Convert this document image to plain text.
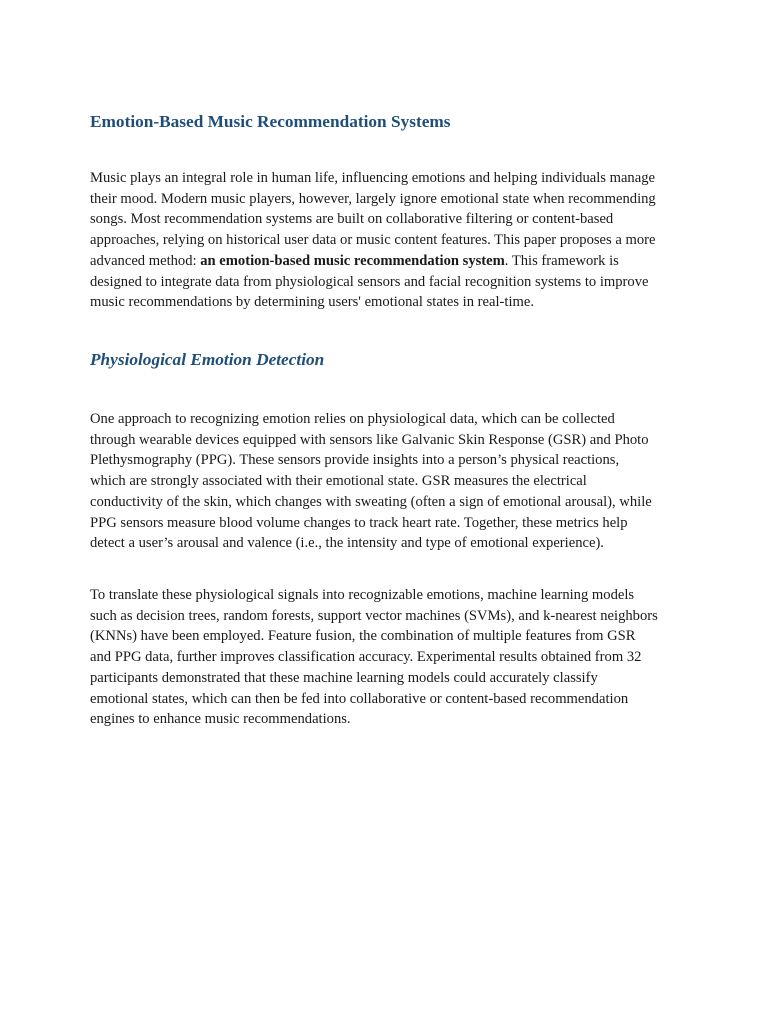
Emotion-Based Music Recommendation Systems

Music plays an integral role in human life, influencing emotions and helping individuals manage
their mood. Modern music players, however, largely ignore emotional state when recommending
songs. Most recommendation systems are built on collaborative filtering or content-based
approaches, relying on historical user data or music content features. This paper proposes a more
advanced method: an emotion-based music recommendation system. This framework is
designed to integrate data from physiological sensors and facial recognition systems to improve
music recommendations by determining users' emotional states in real-time.

Physiological Emotion Detection

One approach to recognizing emotion relies on physiological data, which can be collected
through wearable devices equipped with sensors like Galvanic Skin Response (GSR) and Photo
Plethysmography (PPG). These sensors provide insights into a person’s physical reactions,
which are strongly associated with their emotional state. GSR measures the electrical
conductivity of the skin, which changes with sweating (often a sign of emotional arousal), while
PPG sensors measure blood volume changes to track heart rate. Together, these metrics help
detect a user’s arousal and valence (i.e., the intensity and type of emotional experience).

To translate these physiological signals into recognizable emotions, machine learning models
such as decision trees, random forests, support vector machines (SVMs), and k-nearest neighbors
(KNNs) have been employed. Feature fusion, the combination of multiple features from GSR
and PPG data, further improves classification accuracy. Experimental results obtained from 32
participants demonstrated that these machine learning models could accurately classify
emotional states, which can then be fed into collaborative or content-based recommendation
engines to enhance music recommendations.
